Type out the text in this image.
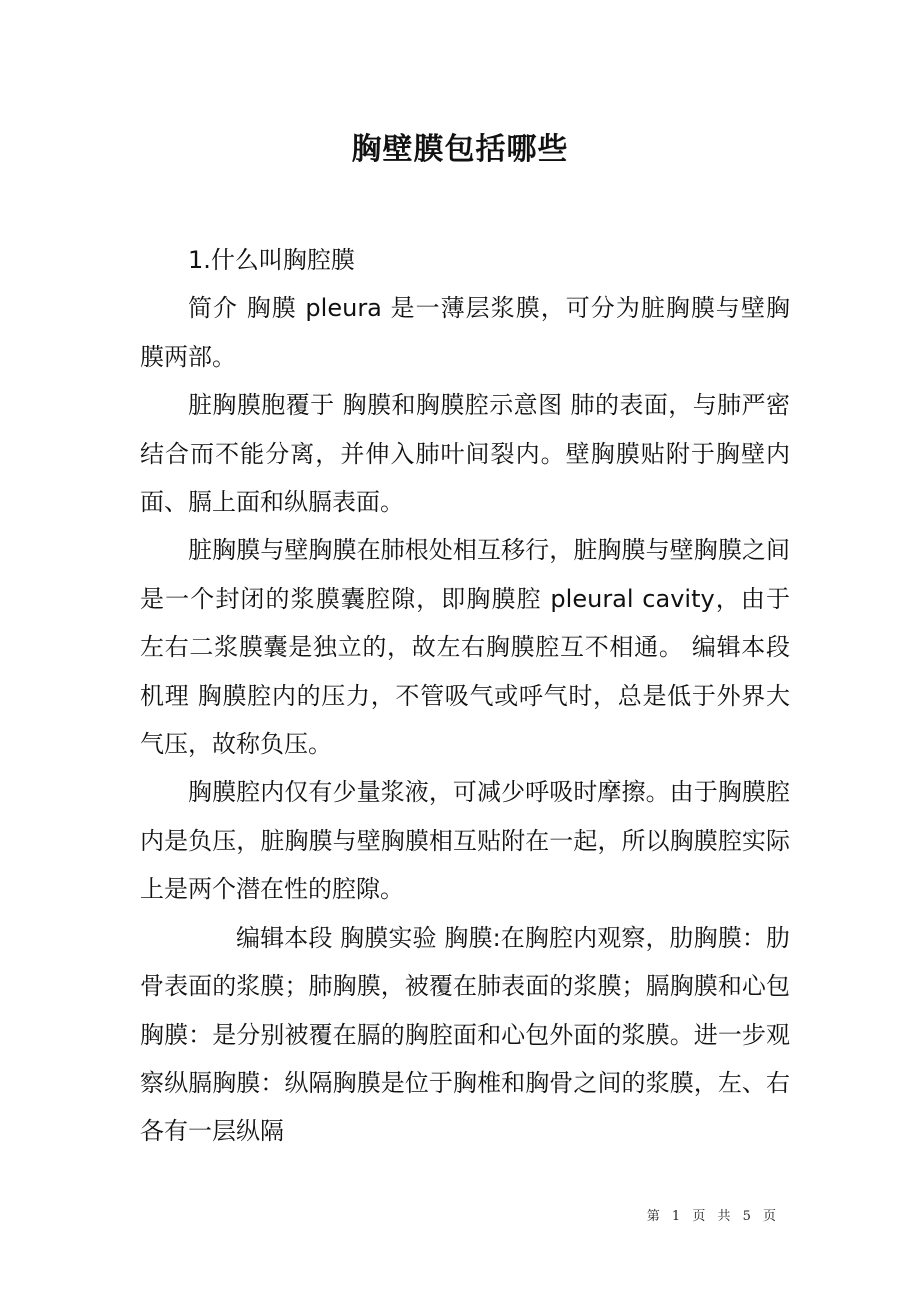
胸壁膜包括哪些

1.什么叫胸腔膜

简介 胸膜 pleura 是一薄层浆膜，可分为脏胸膜与壁胸膜两部。

脏胸膜胞覆于 胸膜和胸膜腔示意图 肺的表面，与肺严密结合而不能分离，并伸入肺叶间裂内。壁胸膜贴附于胸壁内面、膈上面和纵膈表面。

脏胸膜与壁胸膜在肺根处相互移行，脏胸膜与壁胸膜之间是一个封闭的浆膜囊腔隙，即胸膜腔 pleural cavity，由于左右二浆膜囊是独立的，故左右胸膜腔互不相通。 编辑本段 机理 胸膜腔内的压力，不管吸气或呼气时，总是低于外界大气压，故称负压。

胸膜腔内仅有少量浆液，可减少呼吸时摩擦。由于胸膜腔内是负压，脏胸膜与壁胸膜相互贴附在一起，所以胸膜腔实际上是两个潜在性的腔隙。

编辑本段 胸膜实验 胸膜:在胸腔内观察，肋胸膜：肋骨表面的浆膜；肺胸膜，被覆在肺表面的浆膜；膈胸膜和心包胸膜：是分别被覆在膈的胸腔面和心包外面的浆膜。进一步观察纵膈胸膜：纵隔胸膜是位于胸椎和胸骨之间的浆膜，左、右各有一层纵隔

第 1 页 共 5 页
